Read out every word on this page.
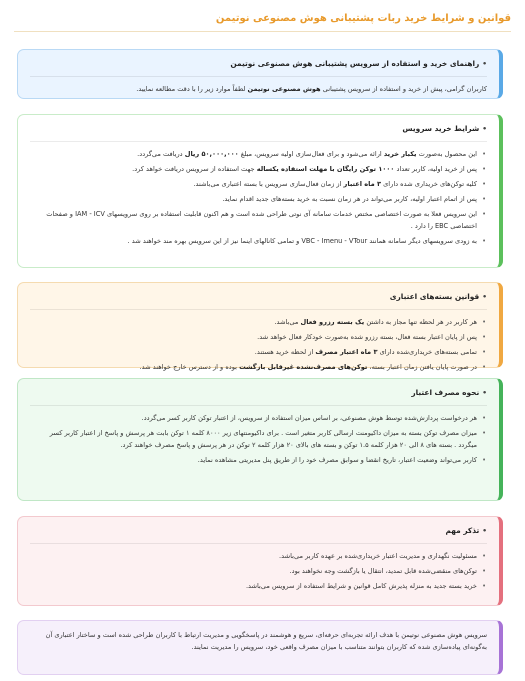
قوانین و شرایط خرید ربات پشتیبانی هوش مصنوعی نوتیمن
•راهنمای خرید و استفاده از سرویس پشتیبانی هوش مصنوعی نوتیمن

کاربران گرامی، پیش از خرید و استفاده از سرویس پشتیبانی هوش مصنوعی نوتیمن لطفاً موارد زیر را با دقت مطالعه نمایید.

•شرایط خرید سرویس
• این محصول به‌صورت یکبار خرید ارائه می‌شود و برای فعال‌سازی اولیه سرویس، مبلغ ۵۰,۰۰۰,۰۰۰ ریال دریافت می‌گردد.
• پس از خرید اولیه، کاربر تعداد ۱۰۰۰ توکن رایگان با مهلت استفاده یکساله جهت استفاده از سرویس دریافت خواهد کرد.
• کلیه توکن‌های خریداری شده دارای ۳ ماه اعتبار از زمان فعال‌سازی سرویس با بسته اعتباری می‌باشند.
• پس از اتمام اعتبار اولیه، کاربر می‌تواند در هر زمان نسبت به خرید بسته‌های جدید اقدام نماید.
• این سرویس فعلا به صورت اختصاصی مختص خدمات سامانه آی نوتی طراحی شده است و هم اکنون قابلیت استفاده بر روی سرویسهای IAM - ICV و صفحات اختصاصی EBC را دارد .
• به زودی سرویسهای دیگر سامانه همانند VBC - Imenu - VTour و تمامی کانالهای اینما نیز از این سرویس بهره مند خواهند شد .
•قوانین بسته‌های اعتباری
• هر کاربر در هر لحظه تنها مجاز به داشتن یک بسته رزرو فعال می‌باشد.
• پس از پایان اعتبار بسته فعال، بسته رزرو شده به‌صورت خودکار فعال خواهد شد.
• تمامی بسته‌های خریداری‌شده دارای ۳ ماه اعتبار مصرف از لحظه خرید هستند.
• در صورت پایان یافتن زمان اعتبار بسته، توکن‌های مصرف‌نشده غیرقابل بازگشت بوده و از دسترس خارج خواهند شد.
•نحوه مصرف اعتبار
• هر درخواست پردازش‌شده توسط هوش مصنوعی، بر اساس میزان استفاده از سرویس، از اعتبار توکن کاربر کسر می‌گردد.
• میزان مصرف توکن بسته به میزان داکیومنت ارسالی کاربر متغیر است . برای داکیومنتهای زیر ۸۰۰۰ کلمه ۱ توکن بابت هر پرسش و پاسخ از اعتبار کاربر کسر میگردد . بسته های ۸ الی ۲۰ هزار کلمه ۱.۵ توکن و بسته های بالای ۲۰ هزار کلمه ۲ توکن در هر پرسش و پاسخ مصرف خواهند کرد.
• کاربر می‌تواند وضعیت اعتبار، تاریخ انقضا و سوابق مصرف خود را از طریق پنل مدیریتی مشاهده نماید.
•تذکر مهم
• مسئولیت نگهداری و مدیریت اعتبار خریداری‌شده بر عهده کاربر می‌باشد.
• توکن‌های منقضی‌شده قابل تمدید، انتقال یا بازگشت وجه نخواهند بود.
• خرید بسته جدید به منزله پذیرش کامل قوانین و شرایط استفاده از سرویس می‌باشد.

سرویس هوش مصنوعی نوتیمن با هدف ارائه تجربه‌ای حرفه‌ای، سریع و هوشمند در پاسخگویی و مدیریت ارتباط با کاربران طراحی شده است و ساختار اعتباری آن به‌گونه‌ای پیاده‌سازی شده که کاربران بتوانند متناسب با میزان مصرف واقعی خود، سرویس را مدیریت نمایند.
